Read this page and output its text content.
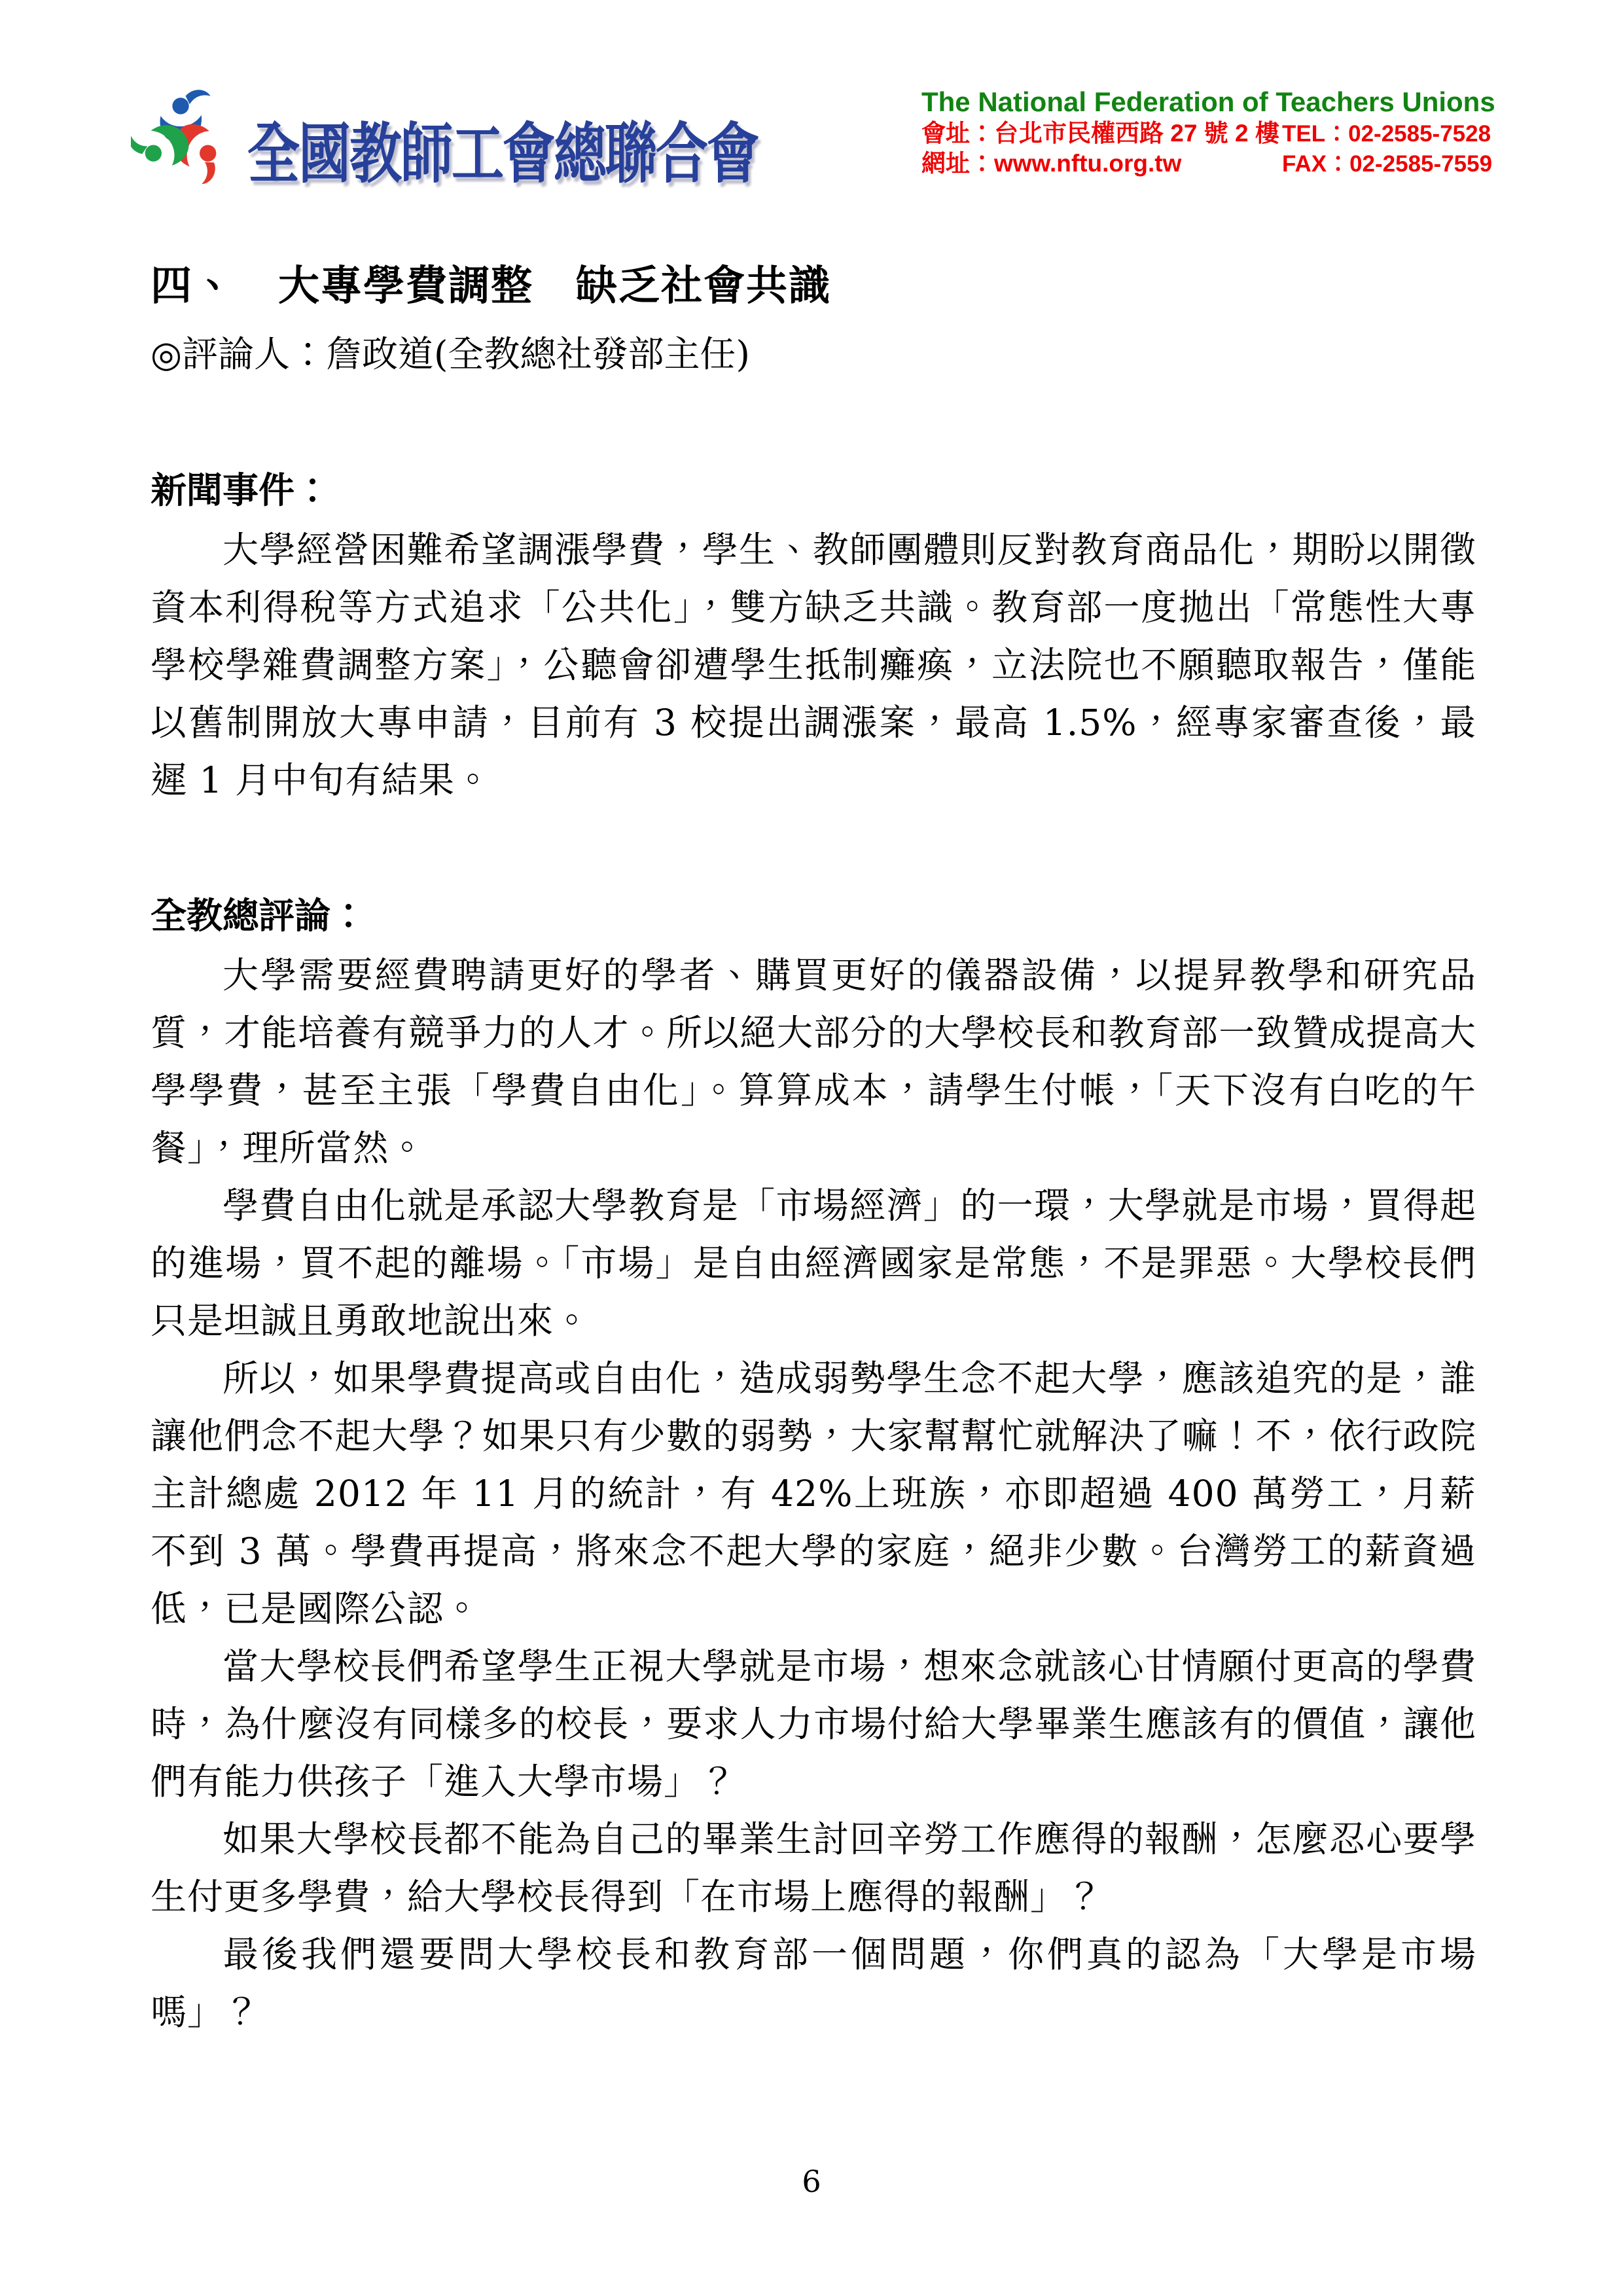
全國教師工會總聯合會
The National Federation of Teachers Unions
會址：台北市民權西路 27 號 2 樓 TEL：02-2585-7528
網址：www.nftu.org.tw	FAX：02-2585-7559
四、　大專學費調整　缺乏社會共識
◎評論人：詹政道(全教總社發部主任)
新聞事件：

大學經營困難希望調漲學費，學生、教師團體則反對教育商品化，期盼以開徵資本利得稅等方式追求「公共化」，雙方缺乏共識。教育部一度拋出「常態性大專學校學雜費調整方案」，公聽會卻遭學生抵制癱瘓，立法院也不願聽取報告，僅能以舊制開放大專申請，目前有 3 校提出調漲案，最高 1.5%，經專家審查後，最遲 1 月中旬有結果。

全教總評論：

大學需要經費聘請更好的學者、購買更好的儀器設備，以提昇教學和研究品質，才能培養有競爭力的人才。所以絕大部分的大學校長和教育部一致贊成提高大學學費，甚至主張「學費自由化」。算算成本，請學生付帳，「天下沒有白吃的午餐」，理所當然。

學費自由化就是承認大學教育是「市場經濟」的一環，大學就是市場，買得起的進場，買不起的離場。「市場」是自由經濟國家是常態，不是罪惡。大學校長們只是坦誠且勇敢地說出來。

所以，如果學費提高或自由化，造成弱勢學生念不起大學，應該追究的是，誰讓他們念不起大學？如果只有少數的弱勢，大家幫幫忙就解決了嘛！不，依行政院主計總處 2012 年 11 月的統計，有 42%上班族，亦即超過 400 萬勞工，月薪不到 3 萬。學費再提高，將來念不起大學的家庭，絕非少數。台灣勞工的薪資過低，已是國際公認。

當大學校長們希望學生正視大學就是市場，想來念就該心甘情願付更高的學費時，為什麼沒有同樣多的校長，要求人力市場付給大學畢業生應該有的價值，讓他們有能力供孩子「進入大學市場」？

如果大學校長都不能為自己的畢業生討回辛勞工作應得的報酬，怎麼忍心要學生付更多學費，給大學校長得到「在市場上應得的報酬」？

最後我們還要問大學校長和教育部一個問題，你們真的認為「大學是市場嗎」？

6
